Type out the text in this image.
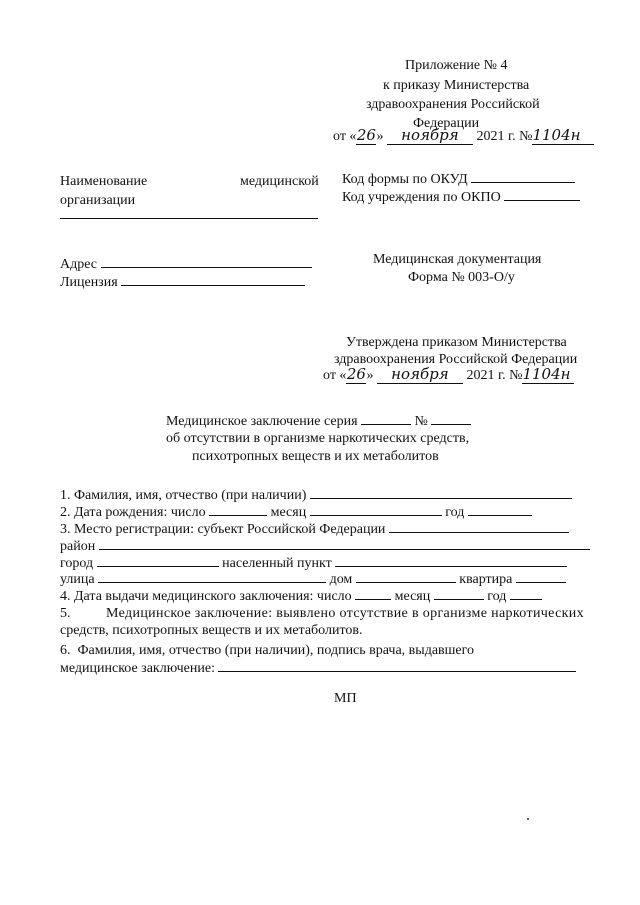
Приложение № 4
к приказу Министерства
здравоохранения Российской
Федерации
от «26» ноября 2021 г. №1104н
Наименование	медицинской
организации
Код формы по ОКУД
Код учреждения по ОКПО
Адрес
Лицензия
Медицинская документация
Форма № 003-О/у
Утверждена приказом Министерства
здравоохранения Российской Федерации
от «26» ноября 2021 г. №1104н
Медицинское заключение серия	№
об отсутствии в организме наркотических средств,
психотропных веществ и их метаболитов
1. Фамилия, имя, отчество (при наличии)
2. Дата рождения: число	месяц	год
3. Место регистрации: субъект Российской Федерации
район
город	населенный пункт
улица	дом	квартира
4. Дата выдачи медицинского заключения: число	месяц	год
5.	Медицинское заключение: выявлено отсутствие в организме наркотических
средств, психотропных веществ и их метаболитов.
6. Фамилия, имя, отчество (при наличии), подпись врача, выдавшего
медицинское заключение:
МП
